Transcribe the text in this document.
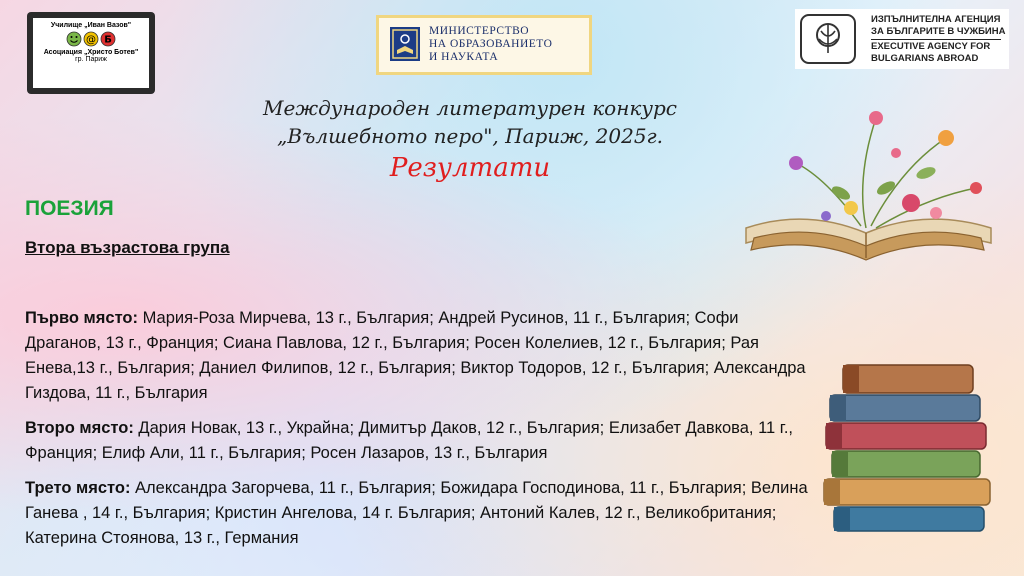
Училище „Иван Вазов"
@ Б
Асоциация „Христо Ботев"
гр. Париж
МИНИСТЕРСТВО
НА ОБРАЗОВАНИЕТО
И НАУКАТА
ИЗПЪЛНИТЕЛНА АГЕНЦИЯ
ЗА БЪЛГАРИТЕ В ЧУЖБИНА
EXECUTIVE AGENCY FOR
BULGARIANS ABROAD
Международен литературен конкурс
„Вълшебното перо", Париж, 2025г.
Резултати
ПОЕЗИЯ
Втора възрастова група

Първо място: Мария-Роза Мирчева, 13 г., България; Андрей Русинов, 11 г., България; Софи Драганов, 13 г., Франция; Сиана Павлова, 12 г., България; Росен Колелиев, 12 г., България; Рая Енева,13 г., България; Даниел Филипов, 12 г., България; Виктор Тодоров, 12 г., България; Александра Гиздова, 11 г., България

Второ място: Дария Новак, 13 г., Украйна; Димитър Даков, 12 г., България; Елизабет Давкова, 11 г., Франция; Елиф Али, 11 г., България; Росен Лазаров, 13 г., България

Трето място: Александра Загорчева, 11 г., България; Божидара Господинова, 11 г., България; Велина Ганева , 14 г., България; Кристин Ангелова, 14 г. България; Антоний Калев, 12 г., Великобритания; Катерина Стоянова, 13 г., Германия
